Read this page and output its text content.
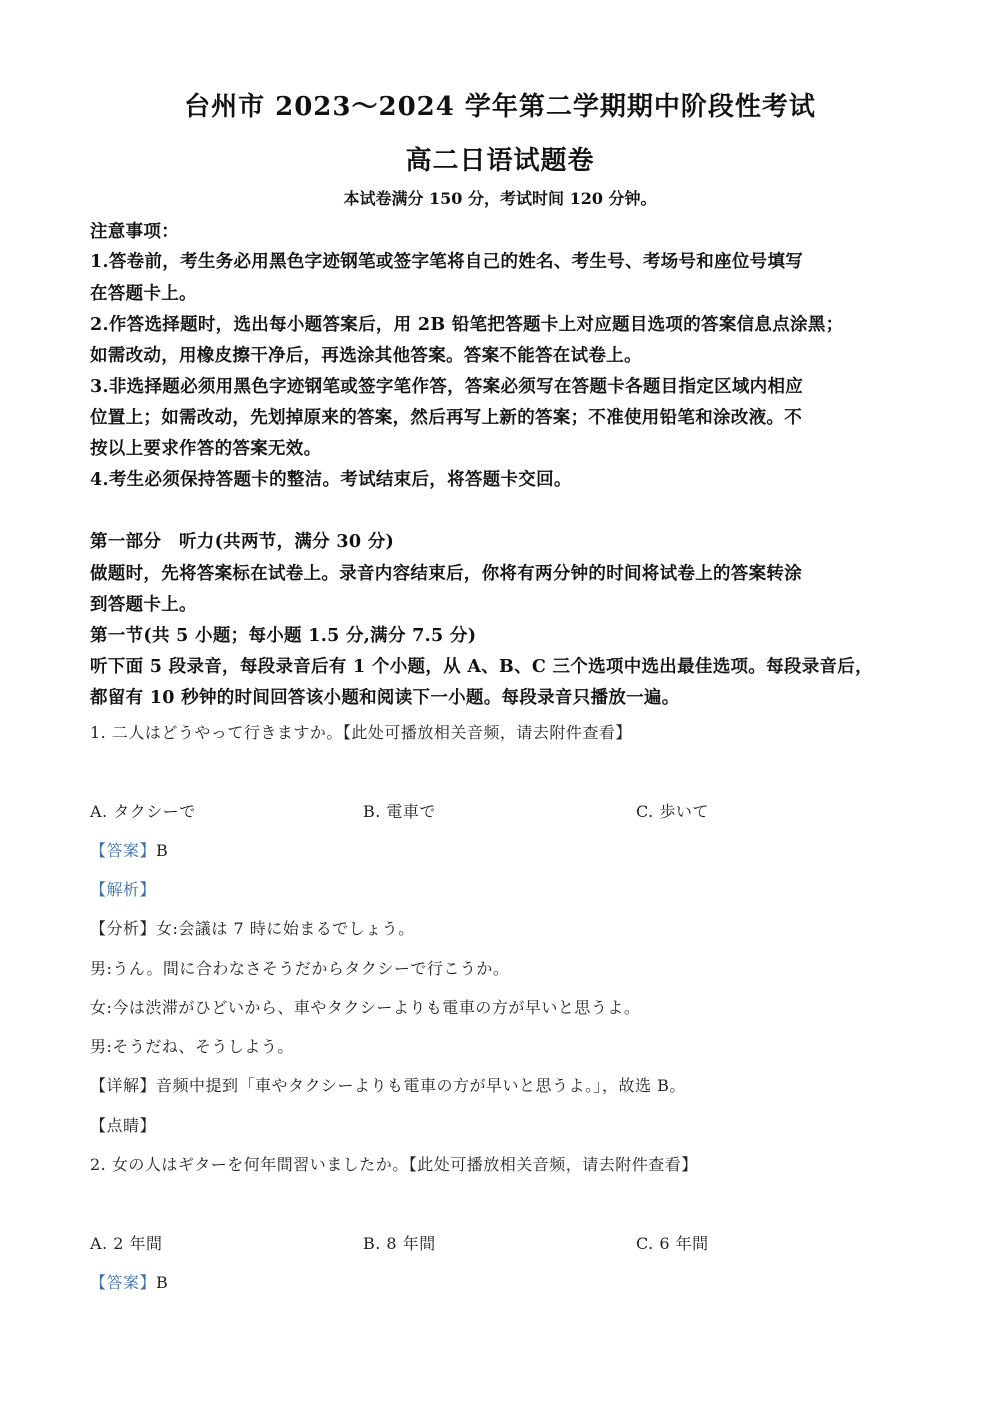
台州市 2023～2024 学年第二学期期中阶段性考试
高二日语试题卷
本试卷满分 150 分，考试时间 120 分钟。
注意事项：
1.答卷前，考生务必用黑色字迹钢笔或签字笔将自己的姓名、考生号、考场号和座位号填写
在答题卡上。
2.作答选择题时，选出每小题答案后，用 2B 铅笔把答题卡上对应题目选项的答案信息点涂黑；
如需改动，用橡皮擦干净后，再选涂其他答案。答案不能答在试卷上。
3.非选择题必须用黑色字迹钢笔或签字笔作答，答案必须写在答题卡各题目指定区域内相应
位置上；如需改动，先划掉原来的答案，然后再写上新的答案；不准使用铅笔和涂改液。不
按以上要求作答的答案无效。
4.考生必须保持答题卡的整洁。考试结束后，将答题卡交回。
第一部分　听力(共两节，满分 30 分)
做题时，先将答案标在试卷上。录音内容结束后，你将有两分钟的时间将试卷上的答案转涂
到答题卡上。
第一节(共 5 小题；每小题 1.5 分,满分 7.5 分)
听下面 5 段录音，每段录音后有 1 个小题，从 A、B、C 三个选项中选出最佳选项。每段录音后，
都留有 10 秒钟的时间回答该小题和阅读下一小题。每段录音只播放一遍。
1. 二人はどうやって行きますか。【此处可播放相关音频，请去附件查看】
A. タクシーで	B. 電車で	C. 歩いて
【答案】B
【解析】
【分析】女:会議は 7 時に始まるでしょう。
男:うん。間に合わなさそうだからタクシーで行こうか。
女:今は渋滞がひどいから、車やタクシーよりも電車の方が早いと思うよ。
男:そうだね、そうしよう。
【详解】音频中提到「車やタクシーよりも電車の方が早いと思うよ。」，故选 B。
【点睛】
2. 女の人はギターを何年間習いましたか。【此处可播放相关音频，请去附件查看】
A. 2 年間	B. 8 年間	C. 6 年間
【答案】B
